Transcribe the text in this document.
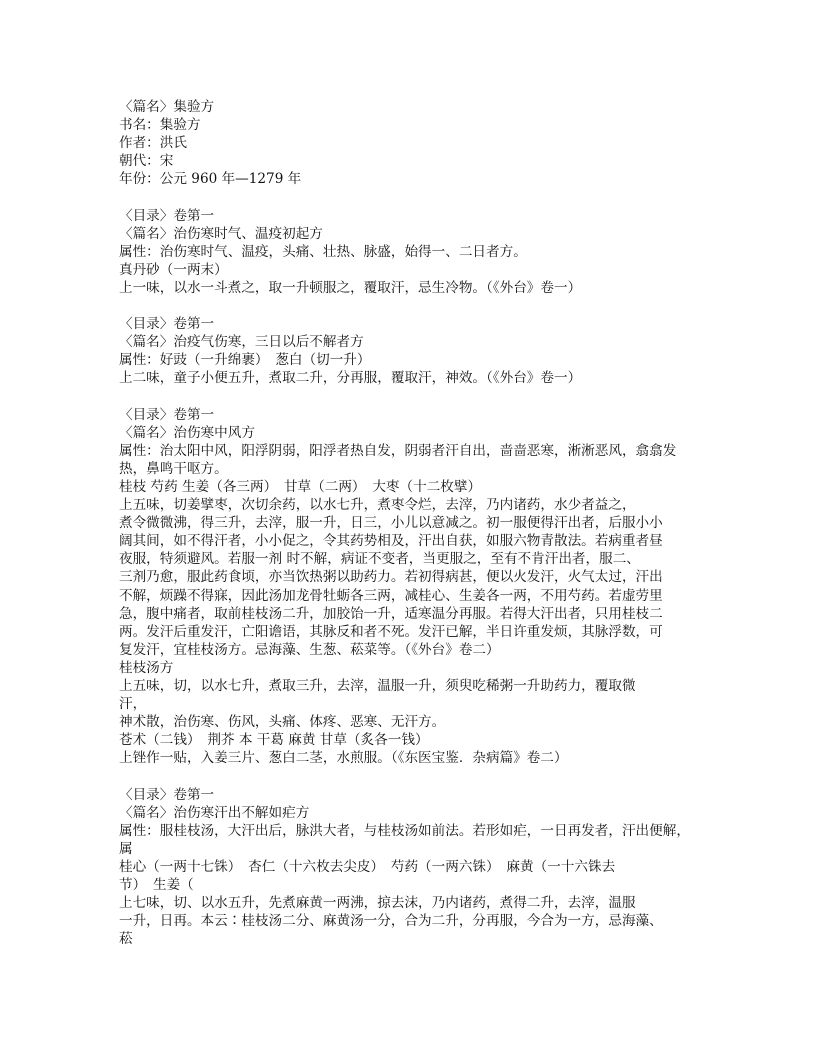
〈篇名〉集验方
书名：集验方
作者：洪氏
朝代：宋
年份：公元 960 年—1279 年
〈目录〉卷第一
〈篇名〉治伤寒时气、温疫初起方
属性：治伤寒时气、温疫，头痛、壮热、脉盛，始得一、二日者方。
真丹砂（一两末）
上一味，以水一斗煮之，取一升顿服之，覆取汗，忌生冷物。（《外台》卷一）
〈目录〉卷第一
〈篇名〉治疫气伤寒，三日以后不解者方
属性：好豉（一升绵裹）　葱白（切一升）
上二味，童子小便五升，煮取二升，分再服，覆取汗，神效。（《外台》卷一）
〈目录〉卷第一
〈篇名〉治伤寒中风方
属性：治太阳中风，阳浮阴弱，阳浮者热自发，阴弱者汗自出，啬啬恶寒，淅淅恶风，翕翕发
热，鼻鸣干呕方。
桂枝 芍药 生姜（各三两）　甘草（二两）　大枣（十二枚擘）
上五味，切姜擘枣，次切余药，以水七升，煮枣令烂，去滓，乃内诸药，水少者益之，
煮令微微沸，得三升，去滓，服一升，日三，小儿以意减之。初一服便得汗出者，后服小小
阔其间，如不得汗者，小小促之，令其药势相及，汗出自获，如服六物青散法。若病重者昼
夜服，特须避风。若服一剂 时不解，病证不变者，当更服之，至有不肯汗出者，服二、
三剂乃愈，服此药食顷，亦当饮热粥以助药力。若初得病甚，便以火发汗，火气太过，汗出
不解，烦躁不得寐，因此汤加龙骨牡蛎各三两，减桂心、生姜各一两，不用芍药。若虚劳里
急，腹中痛者，取前桂枝汤二升，加胶饴一升，适寒温分再服。若得大汗出者，只用桂枝二
两。发汗后重发汗，亡阳谵语，其脉反和者不死。发汗已解，半日许重发烦，其脉浮数，可
复发汗，宜桂枝汤方。忌海藻、生葱、菘菜等。（《外台》卷二）
桂枝汤方
上五味，切，以水七升，煮取三升，去滓，温服一升，须臾吃稀粥一升助药力，覆取微
汗，
神术散，治伤寒、伤风，头痛、体疼、恶寒、无汗方。
苍术（二钱）　荆芥 本 干葛 麻黄 甘草（炙各一钱）
上锉作一贴，入姜三片、葱白二茎，水煎服。（《东医宝鉴．杂病篇》卷二）
〈目录〉卷第一
〈篇名〉治伤寒汗出不解如疟方
属性：服桂枝汤，大汗出后，脉洪大者，与桂枝汤如前法。若形如疟，一日再发者，汗出便解，
属
桂心（一两十七铢）　杏仁（十六枚去尖皮）　芍药（一两六铢）　麻黄（一十六铢去
节）　生姜（
上七味，切、以水五升，先煮麻黄一两沸，掠去沫，乃内诸药，煮得二升，去滓，温服
一升，日再。本云∶桂枝汤二分、麻黄汤一分，合为二升，分再服，今合为一方，忌海藻、
菘
